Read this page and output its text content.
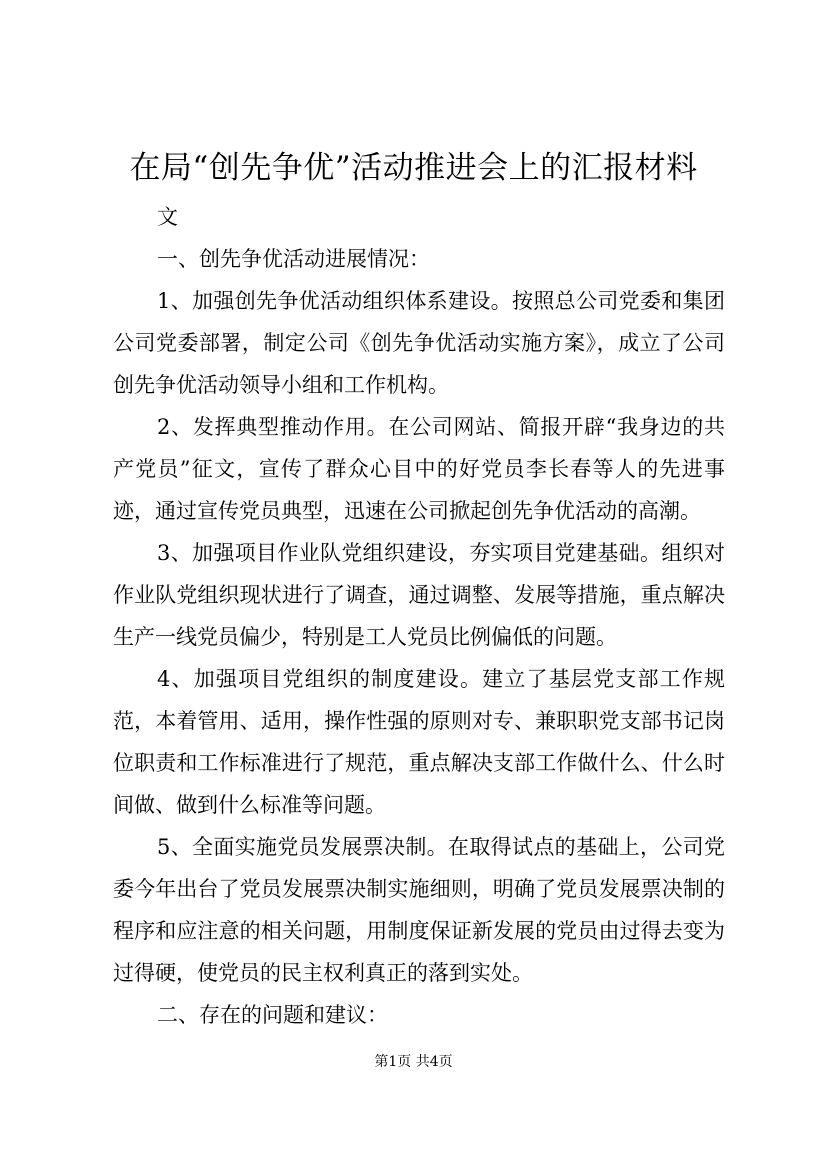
在局“创先争优”活动推进会上的汇报材料
文

一、创先争优活动进展情况：

1、加强创先争优活动组织体系建设。按照总公司党委和集团公司党委部署，制定公司《创先争优活动实施方案》，成立了公司创先争优活动领导小组和工作机构。

2、发挥典型推动作用。在公司网站、简报开辟“我身边的共产党员”征文，宣传了群众心目中的好党员李长春等人的先进事迹，通过宣传党员典型，迅速在公司掀起创先争优活动的高潮。

3、加强项目作业队党组织建设，夯实项目党建基础。组织对作业队党组织现状进行了调查，通过调整、发展等措施，重点解决生产一线党员偏少，特别是工人党员比例偏低的问题。

4、加强项目党组织的制度建设。建立了基层党支部工作规范，本着管用、适用，操作性强的原则对专、兼职职党支部书记岗位职责和工作标准进行了规范，重点解决支部工作做什么、什么时间做、做到什么标准等问题。

5、全面实施党员发展票决制。在取得试点的基础上，公司党委今年出台了党员发展票决制实施细则，明确了党员发展票决制的程序和应注意的相关问题，用制度保证新发展的党员由过得去变为过得硬，使党员的民主权利真正的落到实处。

二、存在的问题和建议：

第1页 共4页
